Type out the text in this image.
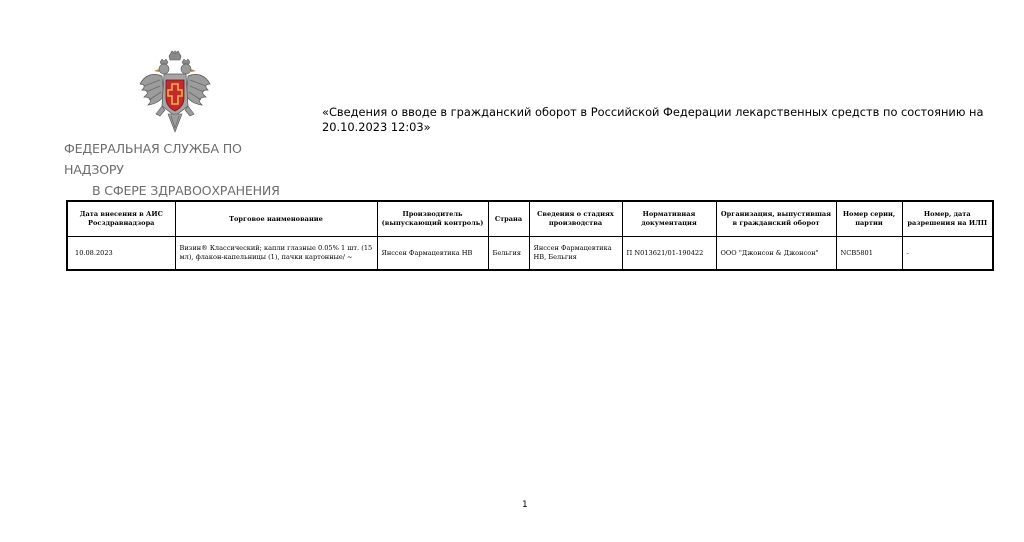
ФЕДЕРАЛЬНАЯ СЛУЖБА ПО НАДЗОРУ
В СФЕРЕ ЗДРАВООХРАНЕНИЯ
«Сведения о вводе в гражданский оборот в Российской Федерации лекарственных средств по состоянию на 20.10.2023 12:03»
Дата внесения в АИС Росздравнадзора	Торговое наименование	Производитель (выпускающий контроль)	Страна	Сведения о стадиях производства	Нормативная документация	Организация, выпустившая в гражданский оборот	Номер серии, партии	Номер, дата разрешения на ИЛП
10.08.2023	Визин® Классический; капли глазные 0.05% 1 шт. (15 мл), флакон-капельницы (1), пачки картонные/ ~	Янссен Фармацевтика НВ	Бельгия	Янссен Фармацевтика НВ, Бельгия	П N013621/01-190422	ООО "Джонсон & Джонсон"	NCB5801	-
1
